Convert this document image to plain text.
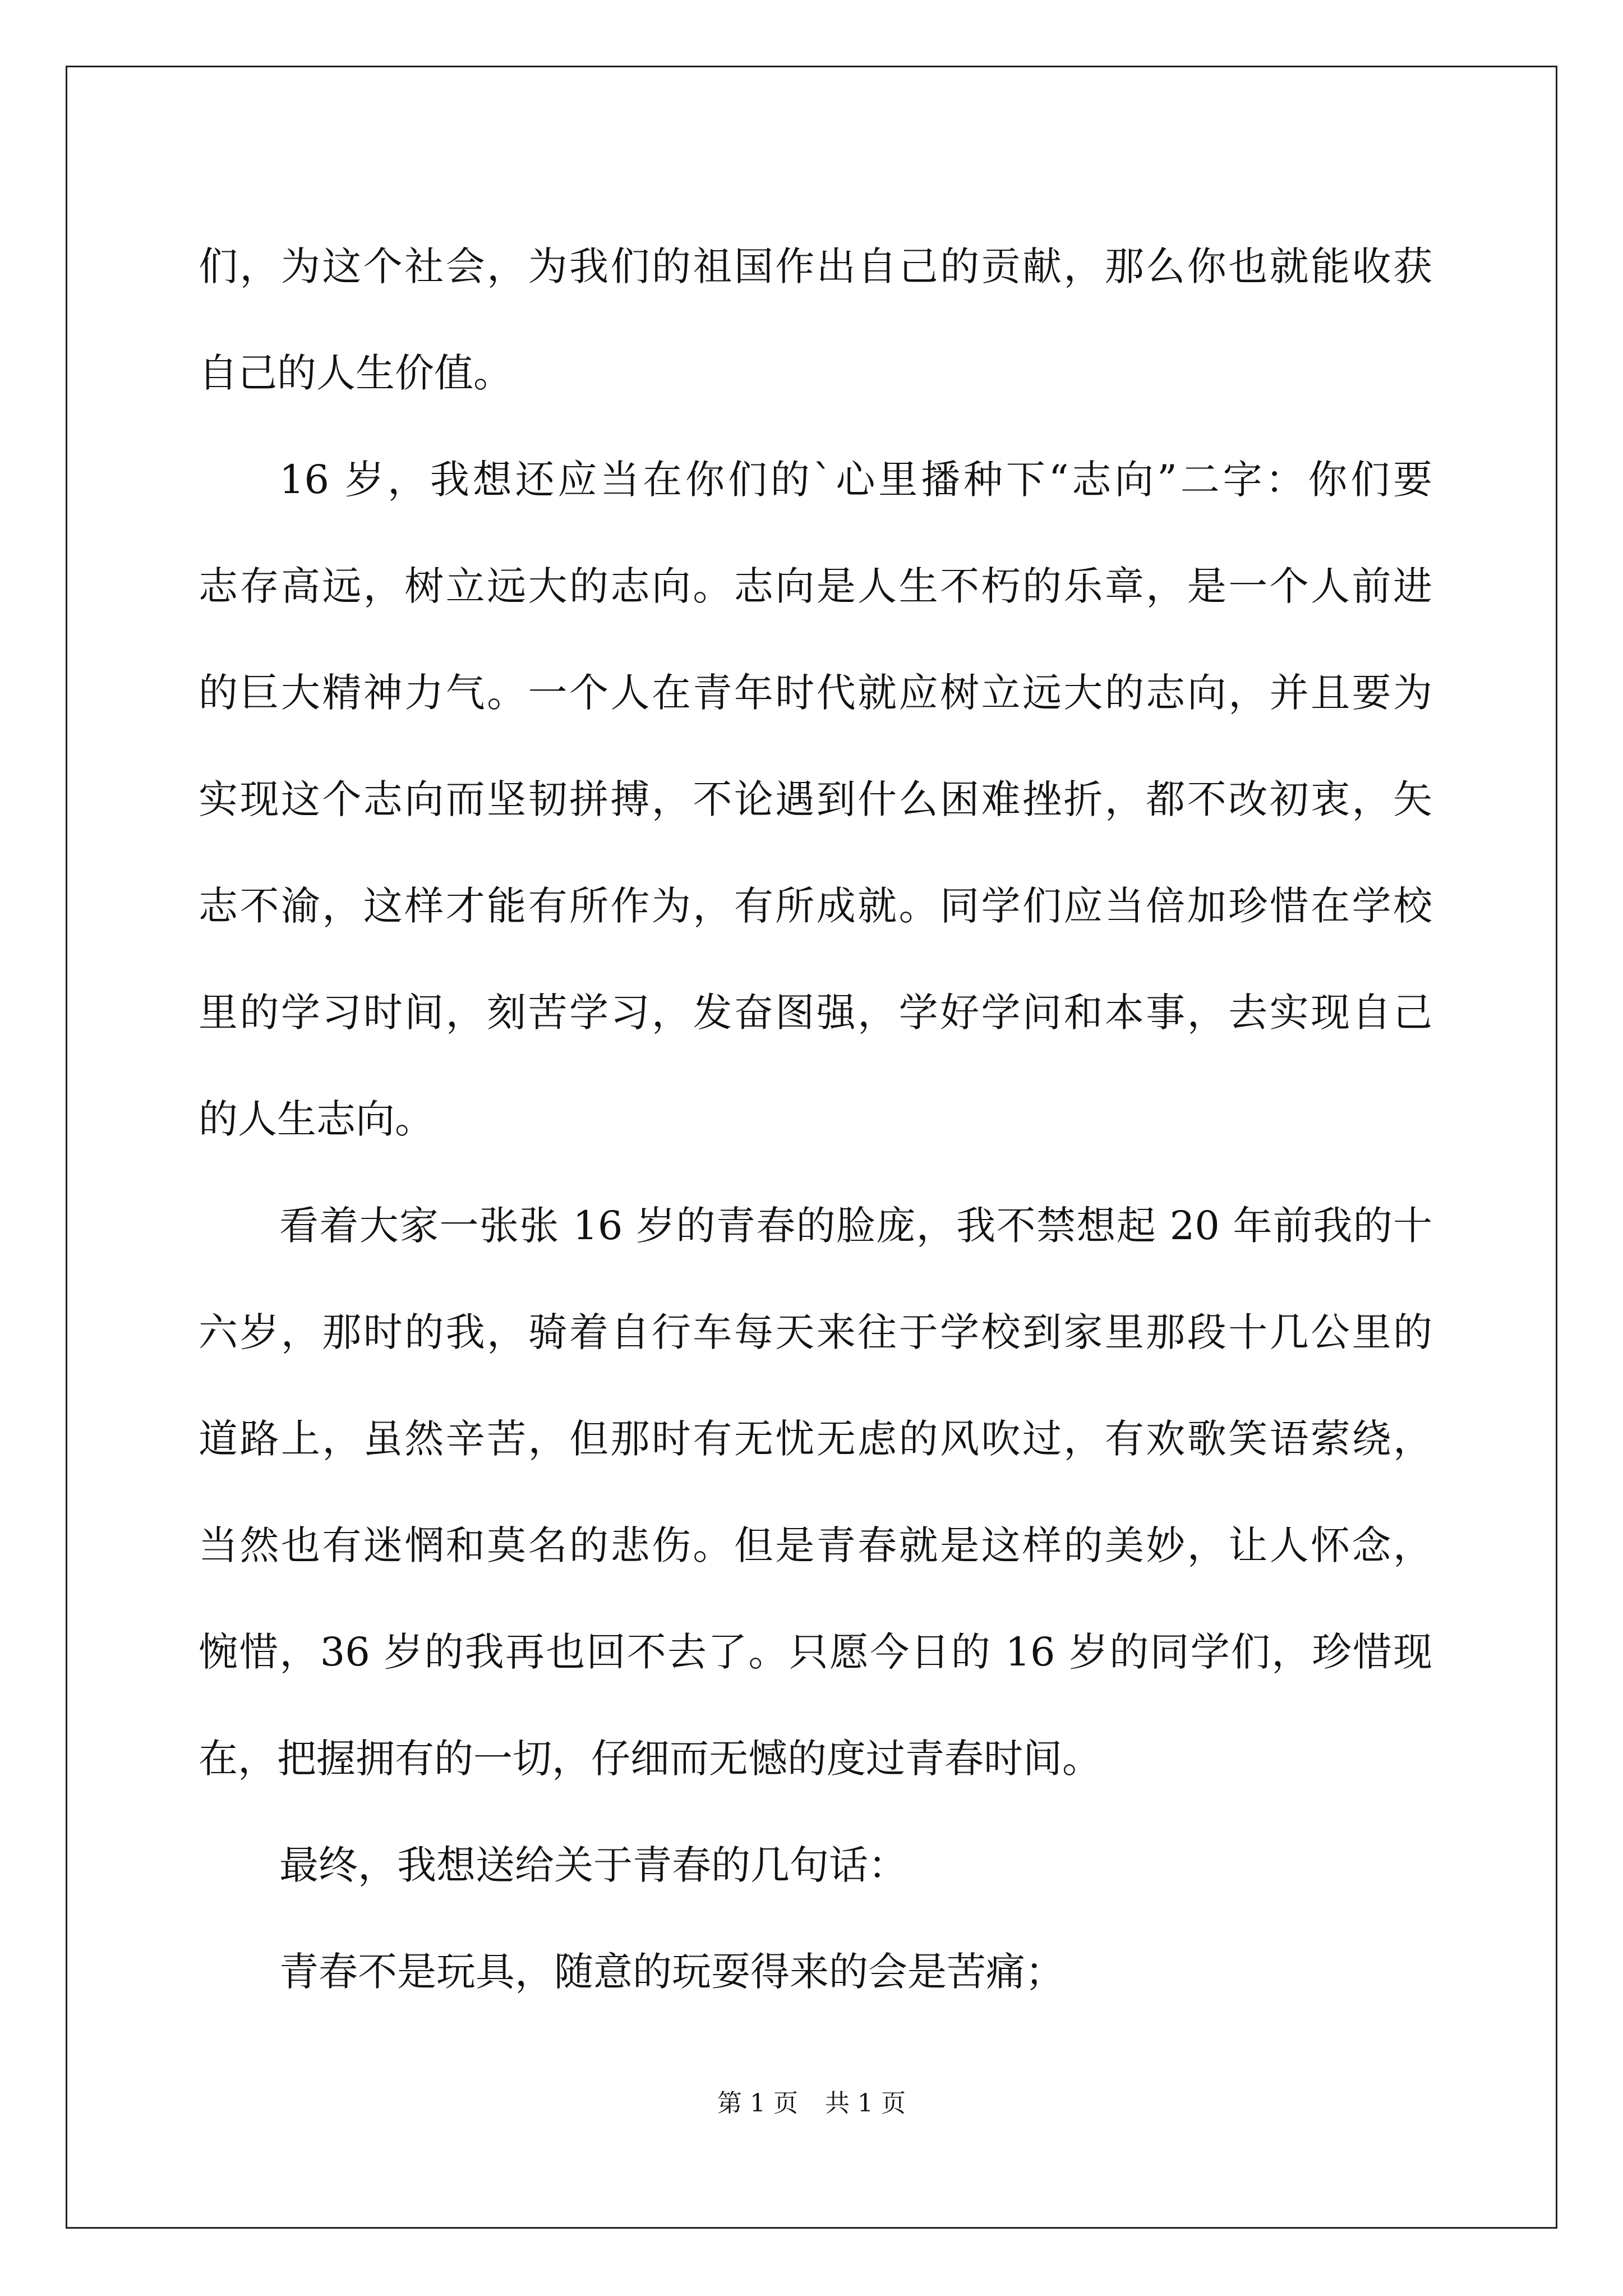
们，为这个社会，为我们的祖国作出自己的贡献，那么你也就能收获
自己的人生价值。
16 岁，我想还应当在你们的`心里播种下“志向”二字：你们要
志存高远，树立远大的志向。志向是人生不朽的乐章，是一个人前进
的巨大精神力气。一个人在青年时代就应树立远大的志向，并且要为
实现这个志向而坚韧拼搏，不论遇到什么困难挫折，都不改初衷，矢
志不渝，这样才能有所作为，有所成就。同学们应当倍加珍惜在学校
里的学习时间，刻苦学习，发奋图强，学好学问和本事，去实现自己
的人生志向。
看着大家一张张 16 岁的青春的脸庞，我不禁想起 20 年前我的十
六岁，那时的我，骑着自行车每天来往于学校到家里那段十几公里的
道路上，虽然辛苦，但那时有无忧无虑的风吹过，有欢歌笑语萦绕，
当然也有迷惘和莫名的悲伤。但是青春就是这样的美妙，让人怀念，
惋惜，36 岁的我再也回不去了。只愿今日的 16 岁的同学们，珍惜现
在，把握拥有的一切，仔细而无憾的度过青春时间。
最终，我想送给关于青春的几句话：
青春不是玩具，随意的玩耍得来的会是苦痛；
第 1 页 共 1 页
